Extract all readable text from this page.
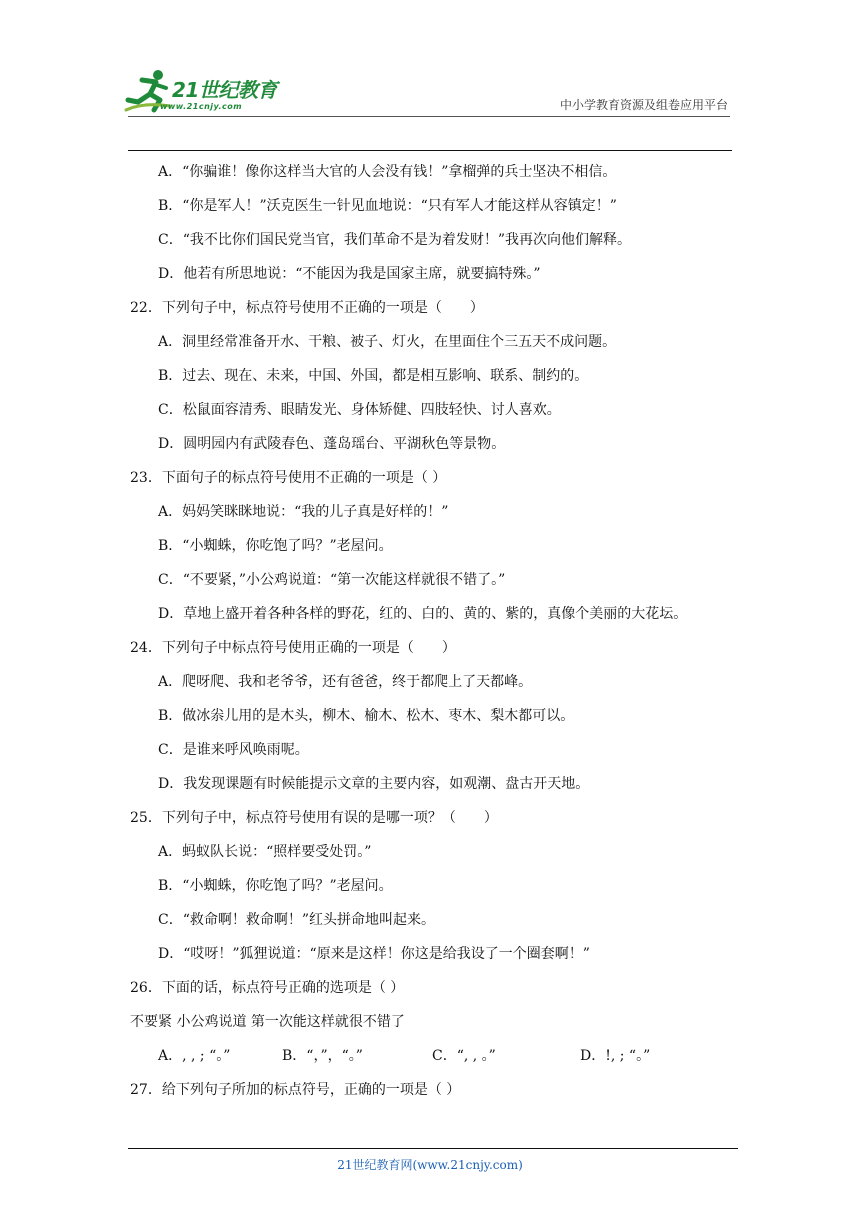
21世纪教育
www.21cnjy.com	中小学教育资源及组卷应用平台
A．“你骗谁！像你这样当大官的人会没有钱！”拿榴弹的兵士坚决不相信。
B．“你是军人！”沃克医生一针见血地说：“只有军人才能这样从容镇定！”
C．“我不比你们国民党当官，我们革命不是为着发财！”我再次向他们解释。
D．他若有所思地说：“不能因为我是国家主席，就要搞特殊。”
22．下列句子中，标点符号使用不正确的一项是（　　）
A．洞里经常准备开水、干粮、被子、灯火，在里面住个三五天不成问题。
B．过去、现在、未来，中国、外国，都是相互影响、联系、制约的。
C．松鼠面容清秀、眼睛发光、身体矫健、四肢轻快、讨人喜欢。
D．圆明园内有武陵春色、蓬岛瑶台、平湖秋色等景物。
23．下面句子的标点符号使用不正确的一项是（ ）
A．妈妈笑眯眯地说：“我的儿子真是好样的！”
B．“小蜘蛛，你吃饱了吗？”老屋问。
C．“不要紧，”小公鸡说道：“第一次能这样就很不错了。”
D．草地上盛开着各种各样的野花，红的、白的、黄的、紫的，真像个美丽的大花坛。
24．下列句子中标点符号使用正确的一项是（　　）
A．爬呀爬、我和老爷爷，还有爸爸，终于都爬上了天都峰。
B．做冰尜儿用的是木头，柳木、榆木、松木、枣木、梨木都可以。
C．是谁来呼风唤雨呢。
D．我发现课题有时候能提示文章的主要内容，如观潮、盘古开天地。
25．下列句子中，标点符号使用有误的是哪一项？（　　）
A．蚂蚁队长说：“照样要受处罚。”
B．“小蜘蛛，你吃饱了吗？”老屋问。
C．“救命啊！救命啊！”红头拼命地叫起来。
D．“哎呀！”狐狸说道：“原来是这样！你这是给我设了一个圈套啊！”
26．下面的话，标点符号正确的选项是（ ）
不要紧 小公鸡说道 第一次能这样就很不错了
A．, , ; “。”	B．“，”，“。”	C．“, , 。”	D．!, ; “。”
27．给下列句子所加的标点符号，正确的一项是（ ）
21世纪教育网(www.21cnjy.com)
